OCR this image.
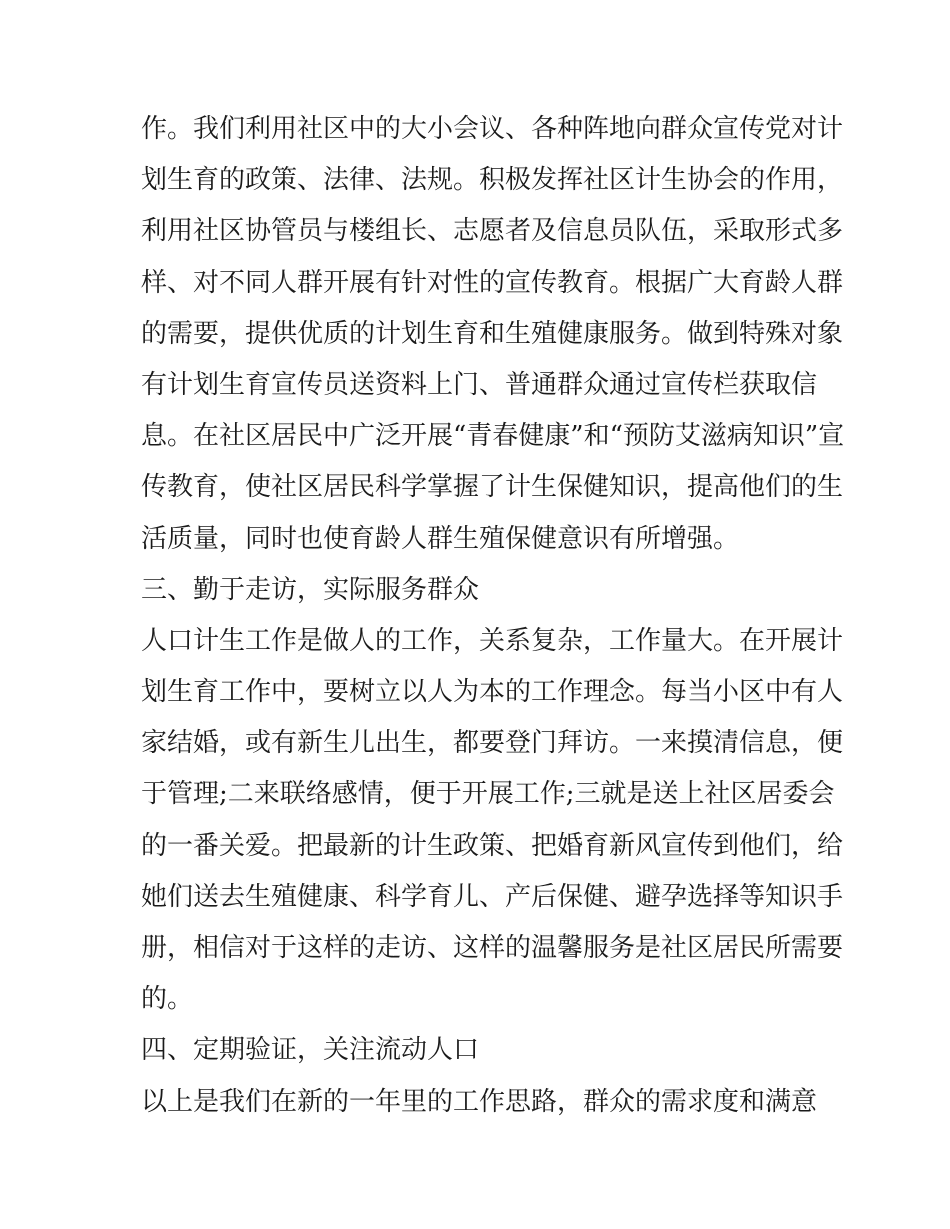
作。我们利用社区中的大小会议、各种阵地向群众宣传党对计
划生育的政策、法律、法规。积极发挥社区计生协会的作用，
利用社区协管员与楼组长、志愿者及信息员队伍，采取形式多
样、对不同人群开展有针对性的宣传教育。根据广大育龄人群
的需要，提供优质的计划生育和生殖健康服务。做到特殊对象
有计划生育宣传员送资料上门、普通群众通过宣传栏获取信
息。在社区居民中广泛开展“青春健康”和“预防艾滋病知识”宣
传教育，使社区居民科学掌握了计生保健知识，提高他们的生
活质量，同时也使育龄人群生殖保健意识有所增强。
三、勤于走访，实际服务群众
人口计生工作是做人的工作，关系复杂，工作量大。在开展计
划生育工作中，要树立以人为本的工作理念。每当小区中有人
家结婚，或有新生儿出生，都要登门拜访。一来摸清信息，便
于管理;二来联络感情，便于开展工作;三就是送上社区居委会
的一番关爱。把最新的计生政策、把婚育新风宣传到他们，给
她们送去生殖健康、科学育儿、产后保健、避孕选择等知识手
册，相信对于这样的走访、这样的温馨服务是社区居民所需要
的。
四、定期验证，关注流动人口
以上是我们在新的一年里的工作思路，群众的需求度和满意
